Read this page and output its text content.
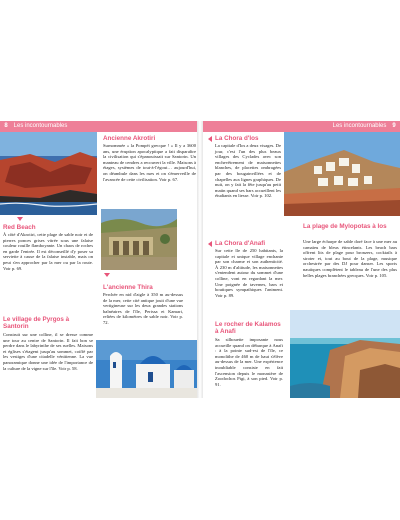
8 Les incontournables	Les incontournables 9
Red Beach
À côté d'Akrotiri, cette plage de sable noir et de pierres ponces grises vitrée sous une falaise couleur rouille flamboyante. Un chaos de roches en garde l'entrée. Il est déconseillé d'y poser sa serviette à cause de la falaise instable, mais on peut s'en approcher par la mer ou par la route. Voir p. 69.
Le village de Pyrgos à Santorin
Construit sur une colline, il se dresse comme une tour au centre de Santorin. Il fait bon se perdre dans le labyrinthe de ses ruelles. Maisons et églises s'étagent jusqu'au sommet, coiffé par les vestiges d'une citadelle vénitienne. La vue panoramique donne une idée de l'importance de la culture de la vigne sur l'île. Voir p. 58.
Ancienne Akrotiri
Surnommée « la Pompéi grecque ! » Il y a 3600 ans, une éruption apocalyptique a fait disparaître la civilisation qui s'épanouissait sur Santorin. Un manteau de cendres a recouvert la ville. Maisons à étages, systèmes de tout-à-l'égout… aujourd'hui, on déambule dans les rues et on s'émerveille de l'avancée de cette civilisation. Voir p. 67.
L'ancienne Thira
Perchée en nid d'aigle à 350 m au-dessus de la mer, cette cité antique jouit d'une vue vertigineuse sur les deux grandes stations balnéaires de l'île, Perissa et Kamari, reliées de kilomètres de sable noir. Voir p. 72.
La Chora d'Ios
La capitale d'Ios a deux visages. De jour, c'est l'un des plus beaux villages des Cyclades avec son enchevêtrement de maisonnettes blanches, de placettes ombragées par des bougainvillées et de chapelles aux lignes graphiques. De nuit, on y fait la fête jusqu'au petit matin quand ses bars accueillent les étudiants en liesse. Voir p. 102.
La Chora d'Anafi
Sur cette île de 250 habitants, la capitale et unique village enchante par son charme et son authenticité. À 230 m d'altitude, les maisonnettes s'entendent autour du sommet d'une colline, vont en regardant la mer. Une poignée de tavernes, bars et boutiques sympathiques l'animent. Voir p. 89.
La plage de Mylopotas à Ios
Une large écharpe de sable doré face à une mer au camaïeu de bleus étincelants. Les beach bars offrent lits de plage pour bronzers, cocktails à siroter et, tout au bout de la plage, musique orchestrée par des DJ pour danser. Les sports nautiques complètent le tableau de l'une des plus belles plages branchées grecques. Voir p. 105.
Le rocher de Kalamos à Anafi
Sa silhouette imposante nous accueille quand on débarque à Anafi : à la pointe sud-est de l'île, ce monolithe de 460 m de haut s'élève au-dessus de la mer. Une expérience inoubliable consiste en fait l'ascension depuis le monastère de Zoodochos Pigi, à son pied. Voir p. 91.
